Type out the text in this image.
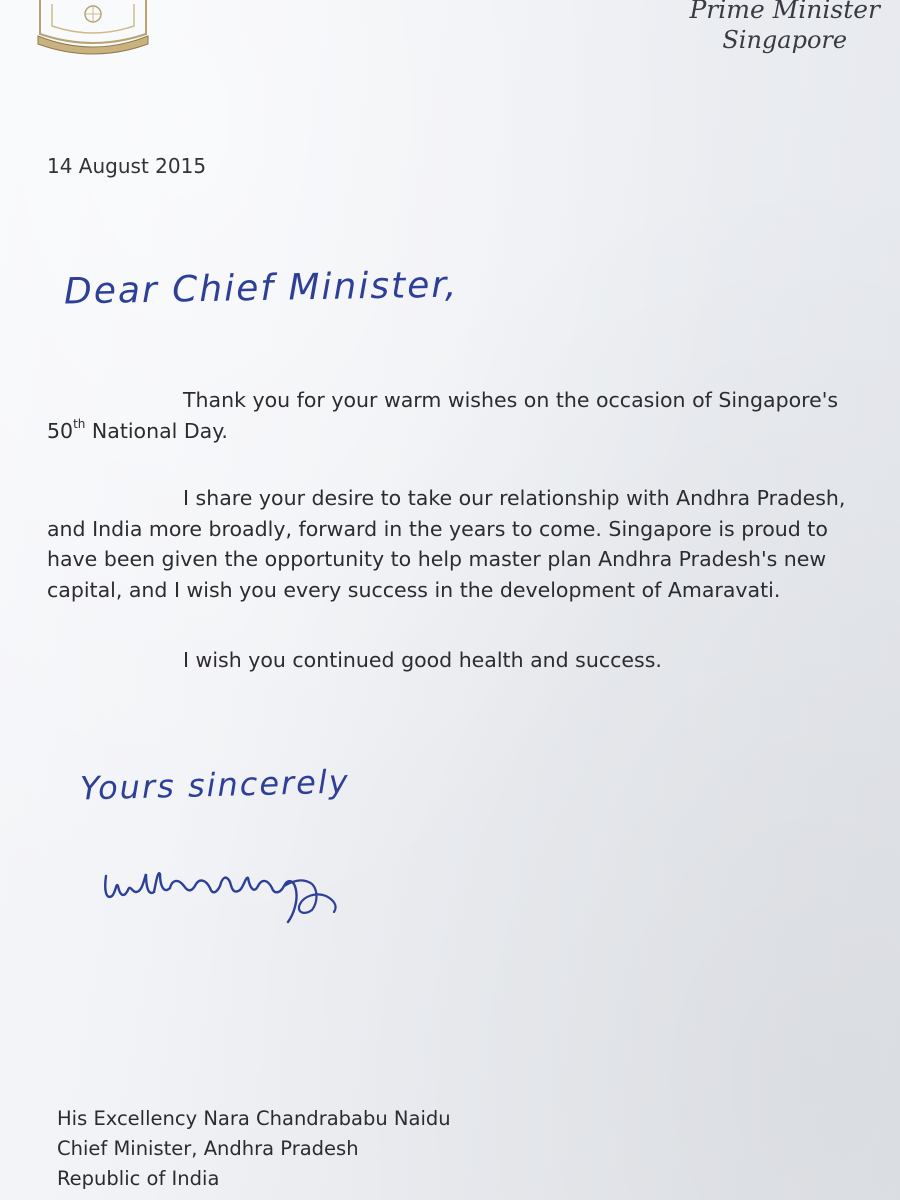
Prime Minister
Singapore
14 August 2015
Dear Chief Minister,
Thank you for your warm wishes on the occasion of Singapore's
50th National Day.
I share your desire to take our relationship with Andhra Pradesh,
and India more broadly, forward in the years to come. Singapore is proud to
have been given the opportunity to help master plan Andhra Pradesh's new
capital, and I wish you every success in the development of Amaravati.
I wish you continued good health and success.
Yours sincerely
His Excellency Nara Chandrababu Naidu
Chief Minister, Andhra Pradesh
Republic of India
